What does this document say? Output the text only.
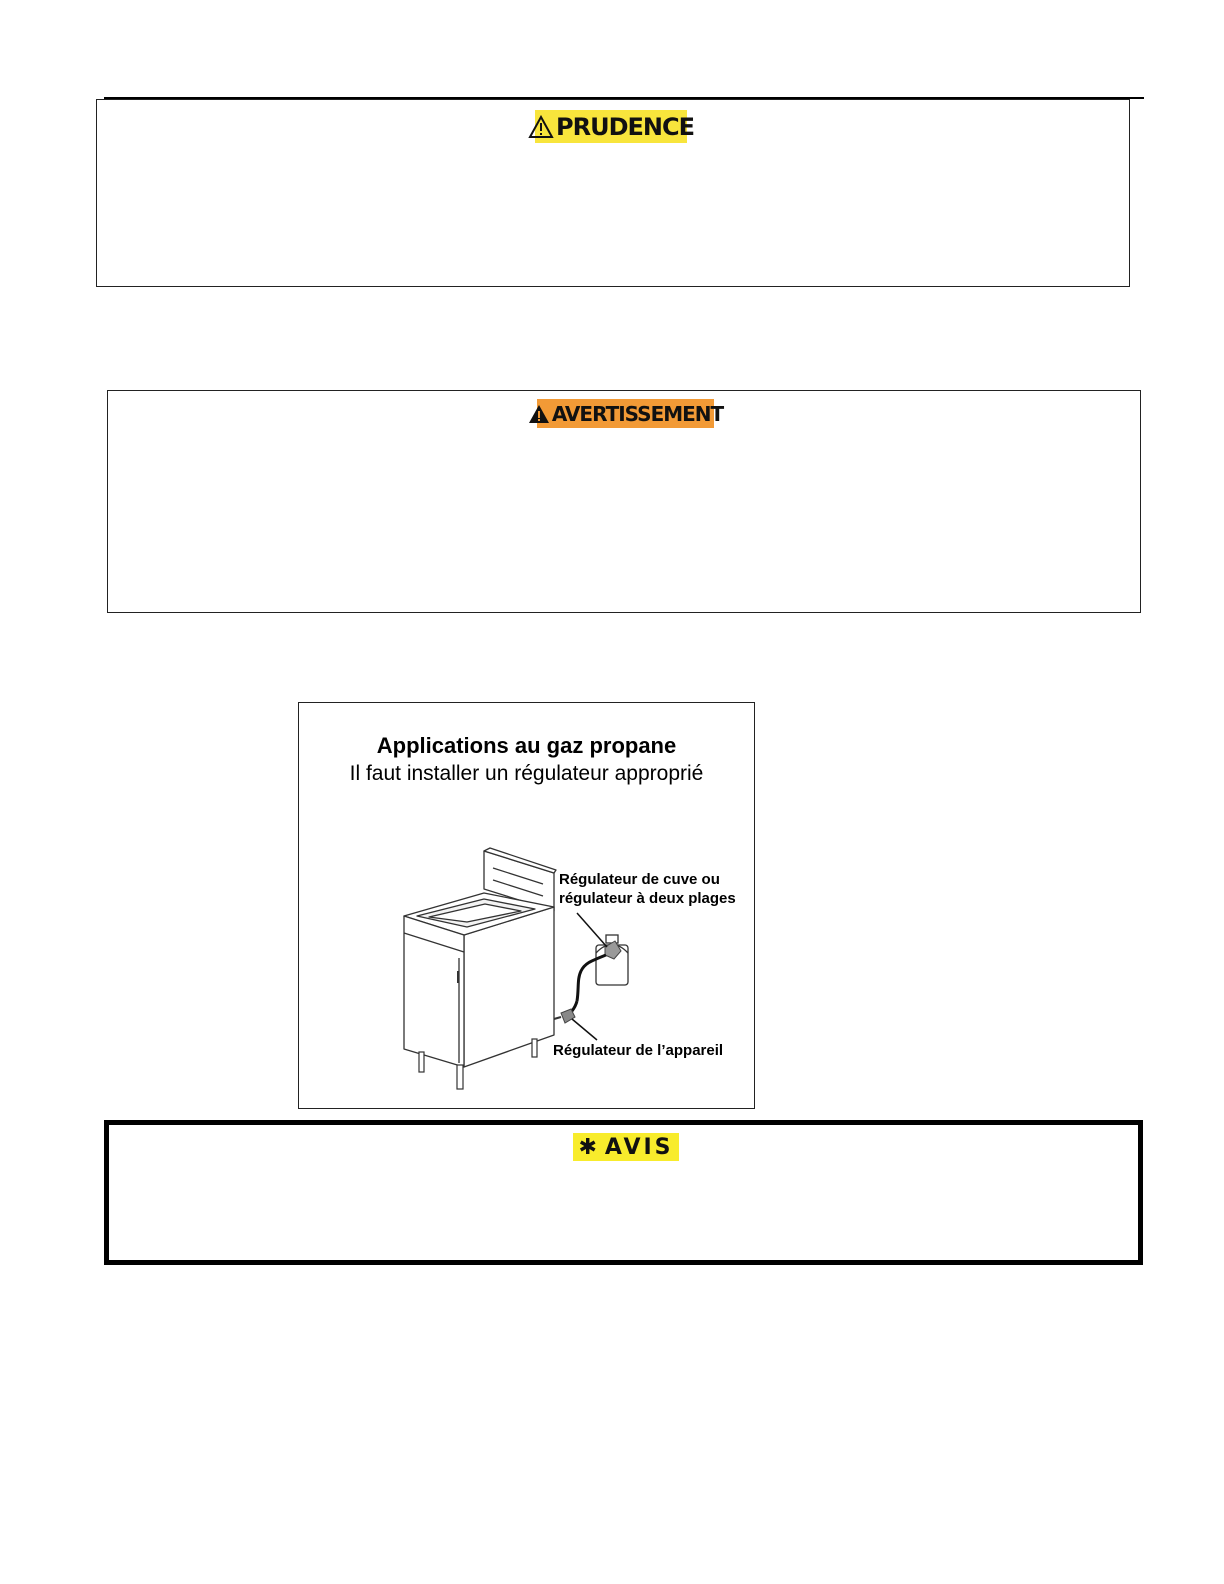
PRUDENCE
AVERTISSEMENT
Applications au gaz propane
Il faut installer un régulateur approprié
Régulateur de cuve ou
régulateur à deux plages
Régulateur de l’appareil
✱ AVIS
